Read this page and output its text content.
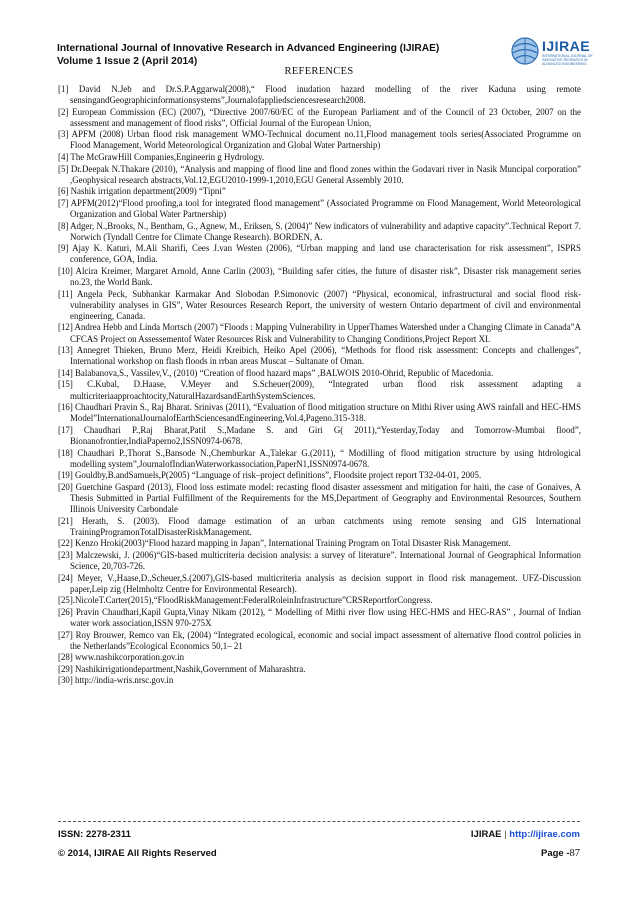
International Journal of Innovative Research in Advanced Engineering (IJIRAE)
Volume 1 Issue 2 (April 2014)
IJIRAE
INTERNATIONAL JOURNAL OF INNOVATIVE RESEARCH IN ADVANCED ENGINEERING
REFERENCES
[1] David N.Jeb and Dr.S.P.Aggarwal(2008),“ Flood inudation hazard modelling of the river Kaduna using remote sensingandGeographicinformationsystems”,Journalofappliedsciencesresearch2008.
[2] European Commission (EC) (2007), “Directive 2007/60/EC of the European Parliament and of the Council of 23 October, 2007 on the assessment and management of flood risks”, Official Journal of the European Union,
[3] APFM (2008) Urban flood risk management WMO-Technical document no.11,Flood management tools series(Associated Programme on Flood Management, World Meteorological Organization and Global Water Partnership)
[4] The McGrawHill Companies,Engineerin g Hydrology.
[5] Dr.Deepak N.Thakare (2010), “Analysis and mapping of flood line and flood zones within the Godavari river in Nasik Muncipal corporation” ,Geophysical research abstracts,Vol.12,EGU2010-1999-1,2010,EGU General Assembly 2010.
[6] Nashik irrigation department(2009) “Tipni”
[7] APFM(2012)“Flood proofing,a tool for integrated flood management” (Associated Programme on Flood Management, World Meteorological Organization and Global Water Partnership)
[8] Adger, N.,Brooks, N., Bentham, G., Agnew, M., Eriksen, S. (2004)” New indicators of vulnerability and adaptive capacity”.Technical Report 7. Norwich (Tyndall Centre for Climate Change Research). BORDEN, A.
[9] Ajay K. Katuri, M.Ali Sharifi, Cees J.van Westen (2006), “Urban mapping and land use characterisation for risk assessment”, ISPRS conference, GOA, India.
[10] Alcira Kreimer, Margaret Arnold, Anne Carlin (2003), “Building safer cities, the future of disaster risk”, Disaster risk management series no.23, the World Bank.
[11] Angela Peck, Subhankar Karmakar And Slobodan P.Simonovic (2007) “Physical, economical, infrastructural and social flood risk- vulnerability analyses in GIS”, Water Resources Research Report, the university of western Ontario department of civil and environmental engineering, Canada.
[12] Andrea Hebb and Linda Mortsch (2007) “Floods : Mapping Vulnerability in UpperThames Watershed under a Changing Climate in Canada”A CFCAS Project on Assessementof Water Resources Risk and Vulnerability to Changing Conditions,Project Report XI.
[13] Annegret Thieken, Bruno Merz, Heidi Kreibich, Heiko Apel (2006), “Methods for flood risk assessment: Concepts and challenges”, International workshop on flash floods in rrban areas Muscat – Sultanate of Oman.
[14] Balabanova,S., Vassilev,V., (2010) “Creation of flood hazard maps” ,BALWOIS 2010-Ohrid, Republic of Macedonia.
[15] C.Kubal, D.Haase, V.Meyer and S.Scheuer(2009), “Integrated urban flood risk assessment adapting a multicriteriaapproachtocity,NaturalHazardsandEarthSystemSciences.
[16] Chaudhari Pravin S., Raj Bharat. Srinivas (2011), “Evaluation of flood mitigation structure on Mithi River using AWS rainfall and HEC-HMS Model”InternationalJournalofEarthSciencesandEngineering,Vol.4,Pageno.315-318.
[17] Chaudhari P.,Raj Bharat,Patil S.,Madane S. and Giri G( 2011),“Yesterday,Today and Tomorrow-Mumbai flood”, Bionanofrontier,IndiaPaperno2,ISSN0974-0678.
[18] Chaudhari P.,Thorat S.,Bansode N.,Chemburkar A.,Talekar G.(2011), “ Modilling of flood mitigation structure by using htdrological modelling system”,JournalofIndianWaterworkassociation,PaperN1,ISSN0974-0678.
[19] Gouldby,B.andSamuels,P(2005) “Language of risk–project definitions”, Floodsite project report T32-04-01, 2005.
[20] Guetchine Gaspard (2013), Flood loss estimate model: recasting flood disaster assessment and mitigation for haiti, the case of Gonaives, A Thesis Submitted in Partial Fulfillment of the Requirements for the MS,Department of Geography and Environmental Resources, Southern Illinois University Carbondale
[21] Herath, S. (2003). Flood damage estimation of an urban catchments using remote sensing and GIS International TrainingProgramonTotalDisasterRiskManagement.
[22] Kenzo Hroki(2003)“Flood hazard mapping in Japan”, International Training Program on Total Disaster Risk Management.
[23] Malczewski, J. (2006)“GIS-based multicriteria decision analysis: a survey of literature”. International Journal of Geographical Information Science, 20,703-726.
[24] Meyer, V.,Haase,D.,Scheuer,S.(2007),GIS-based multicriteria analysis as decision support in flood risk management. UFZ-Discussion paper,Leip zig (Helmholtz Centre for Environmental Research).
[25].NicoleT.Carter(2015),“FloodRiskManagement:FederalRoleinInfrastructure”CRSReportforCongress.
[26] Pravin Chaudhari,Kapil Gupta,Vinay Nikam (2012), “ Modelling of Mithi river flow using HEC-HMS and HEC-RAS” , Journal of Indian water work association,ISSN 970-275X
[27] Roy Brouwer, Remco van Ek, (2004) “Integrated ecological, economic and social impact assessment of alternative flood control policies in the Netherlands”Ecological Economics 50,1– 21
[28] www.nashikcorporation.gov.in
[29] Nashikirrigationdepartment,Nashik,Government of Maharashtra.
[30] http://india-wris.nrsc.gov.in
ISSN: 2278-2311
© 2014, IJIRAE All Rights Reserved
IJIRAE | http://ijirae.com
Page -87
